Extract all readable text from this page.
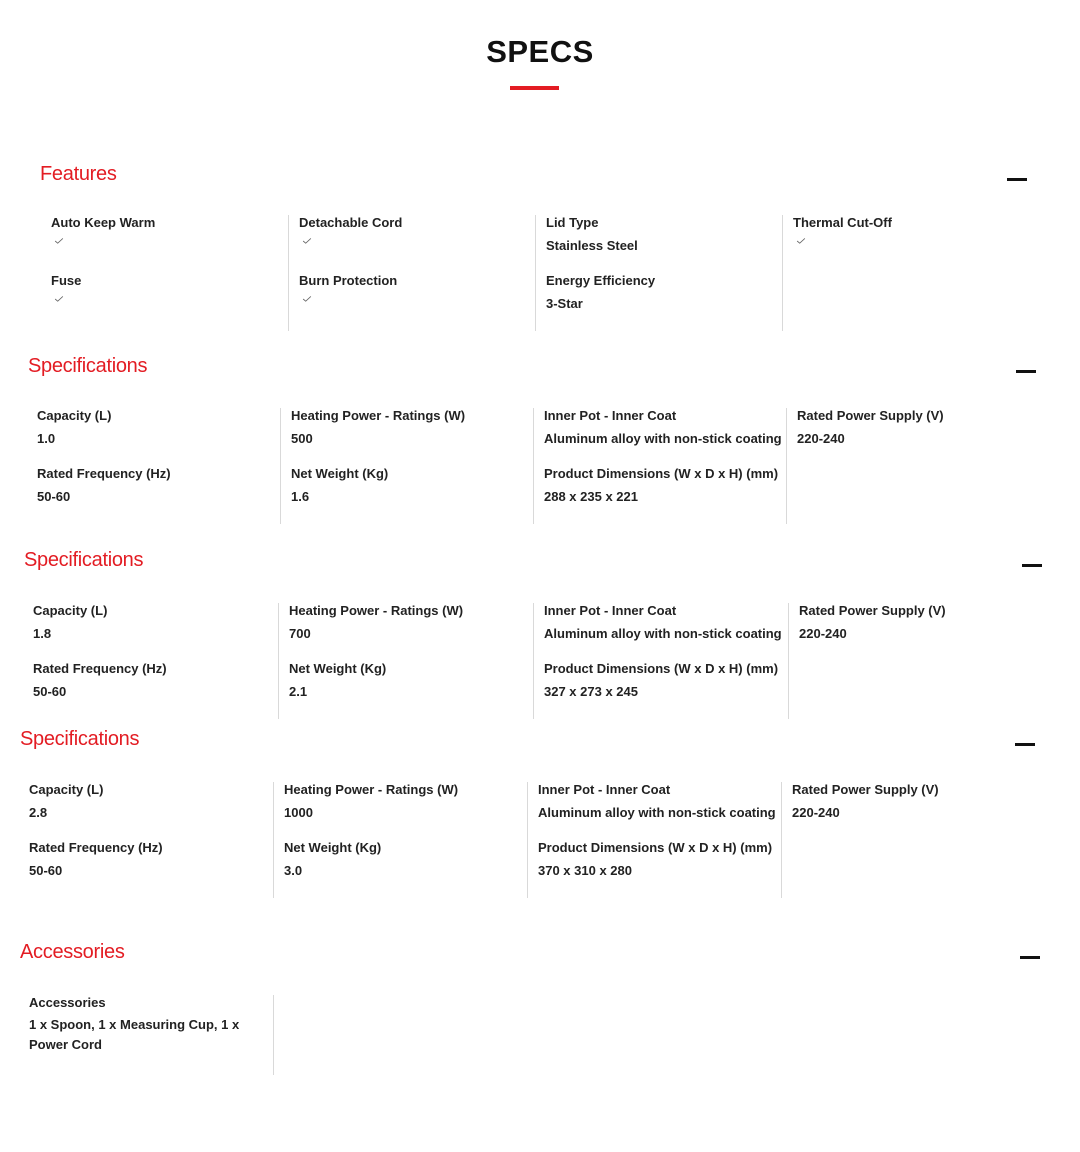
SPECS
Features
Auto Keep Warm
Fuse
Detachable Cord
Burn Protection
Lid Type
Stainless Steel
Energy Efficiency
3-Star
Thermal Cut-Off
Specifications
Capacity (L)
1.0
Rated Frequency (Hz)
50-60
Heating Power - Ratings (W)
500
Net Weight (Kg)
1.6
Inner Pot - Inner Coat
Aluminum alloy with non-stick coating
Product Dimensions (W x D x H) (mm)
288 x 235 x 221
Rated Power Supply (V)
220-240
Specifications
Capacity (L)
1.8
Rated Frequency (Hz)
50-60
Heating Power - Ratings (W)
700
Net Weight (Kg)
2.1
Inner Pot - Inner Coat
Aluminum alloy with non-stick coating
Product Dimensions (W x D x H) (mm)
327 x 273 x 245
Rated Power Supply (V)
220-240
Specifications
Capacity (L)
2.8
Rated Frequency (Hz)
50-60
Heating Power - Ratings (W)
1000
Net Weight (Kg)
3.0
Inner Pot - Inner Coat
Aluminum alloy with non-stick coating
Product Dimensions (W x D x H) (mm)
370 x 310 x 280
Rated Power Supply (V)
220-240
Accessories
Accessories
1 x Spoon, 1 x Measuring Cup, 1 x Power Cord
